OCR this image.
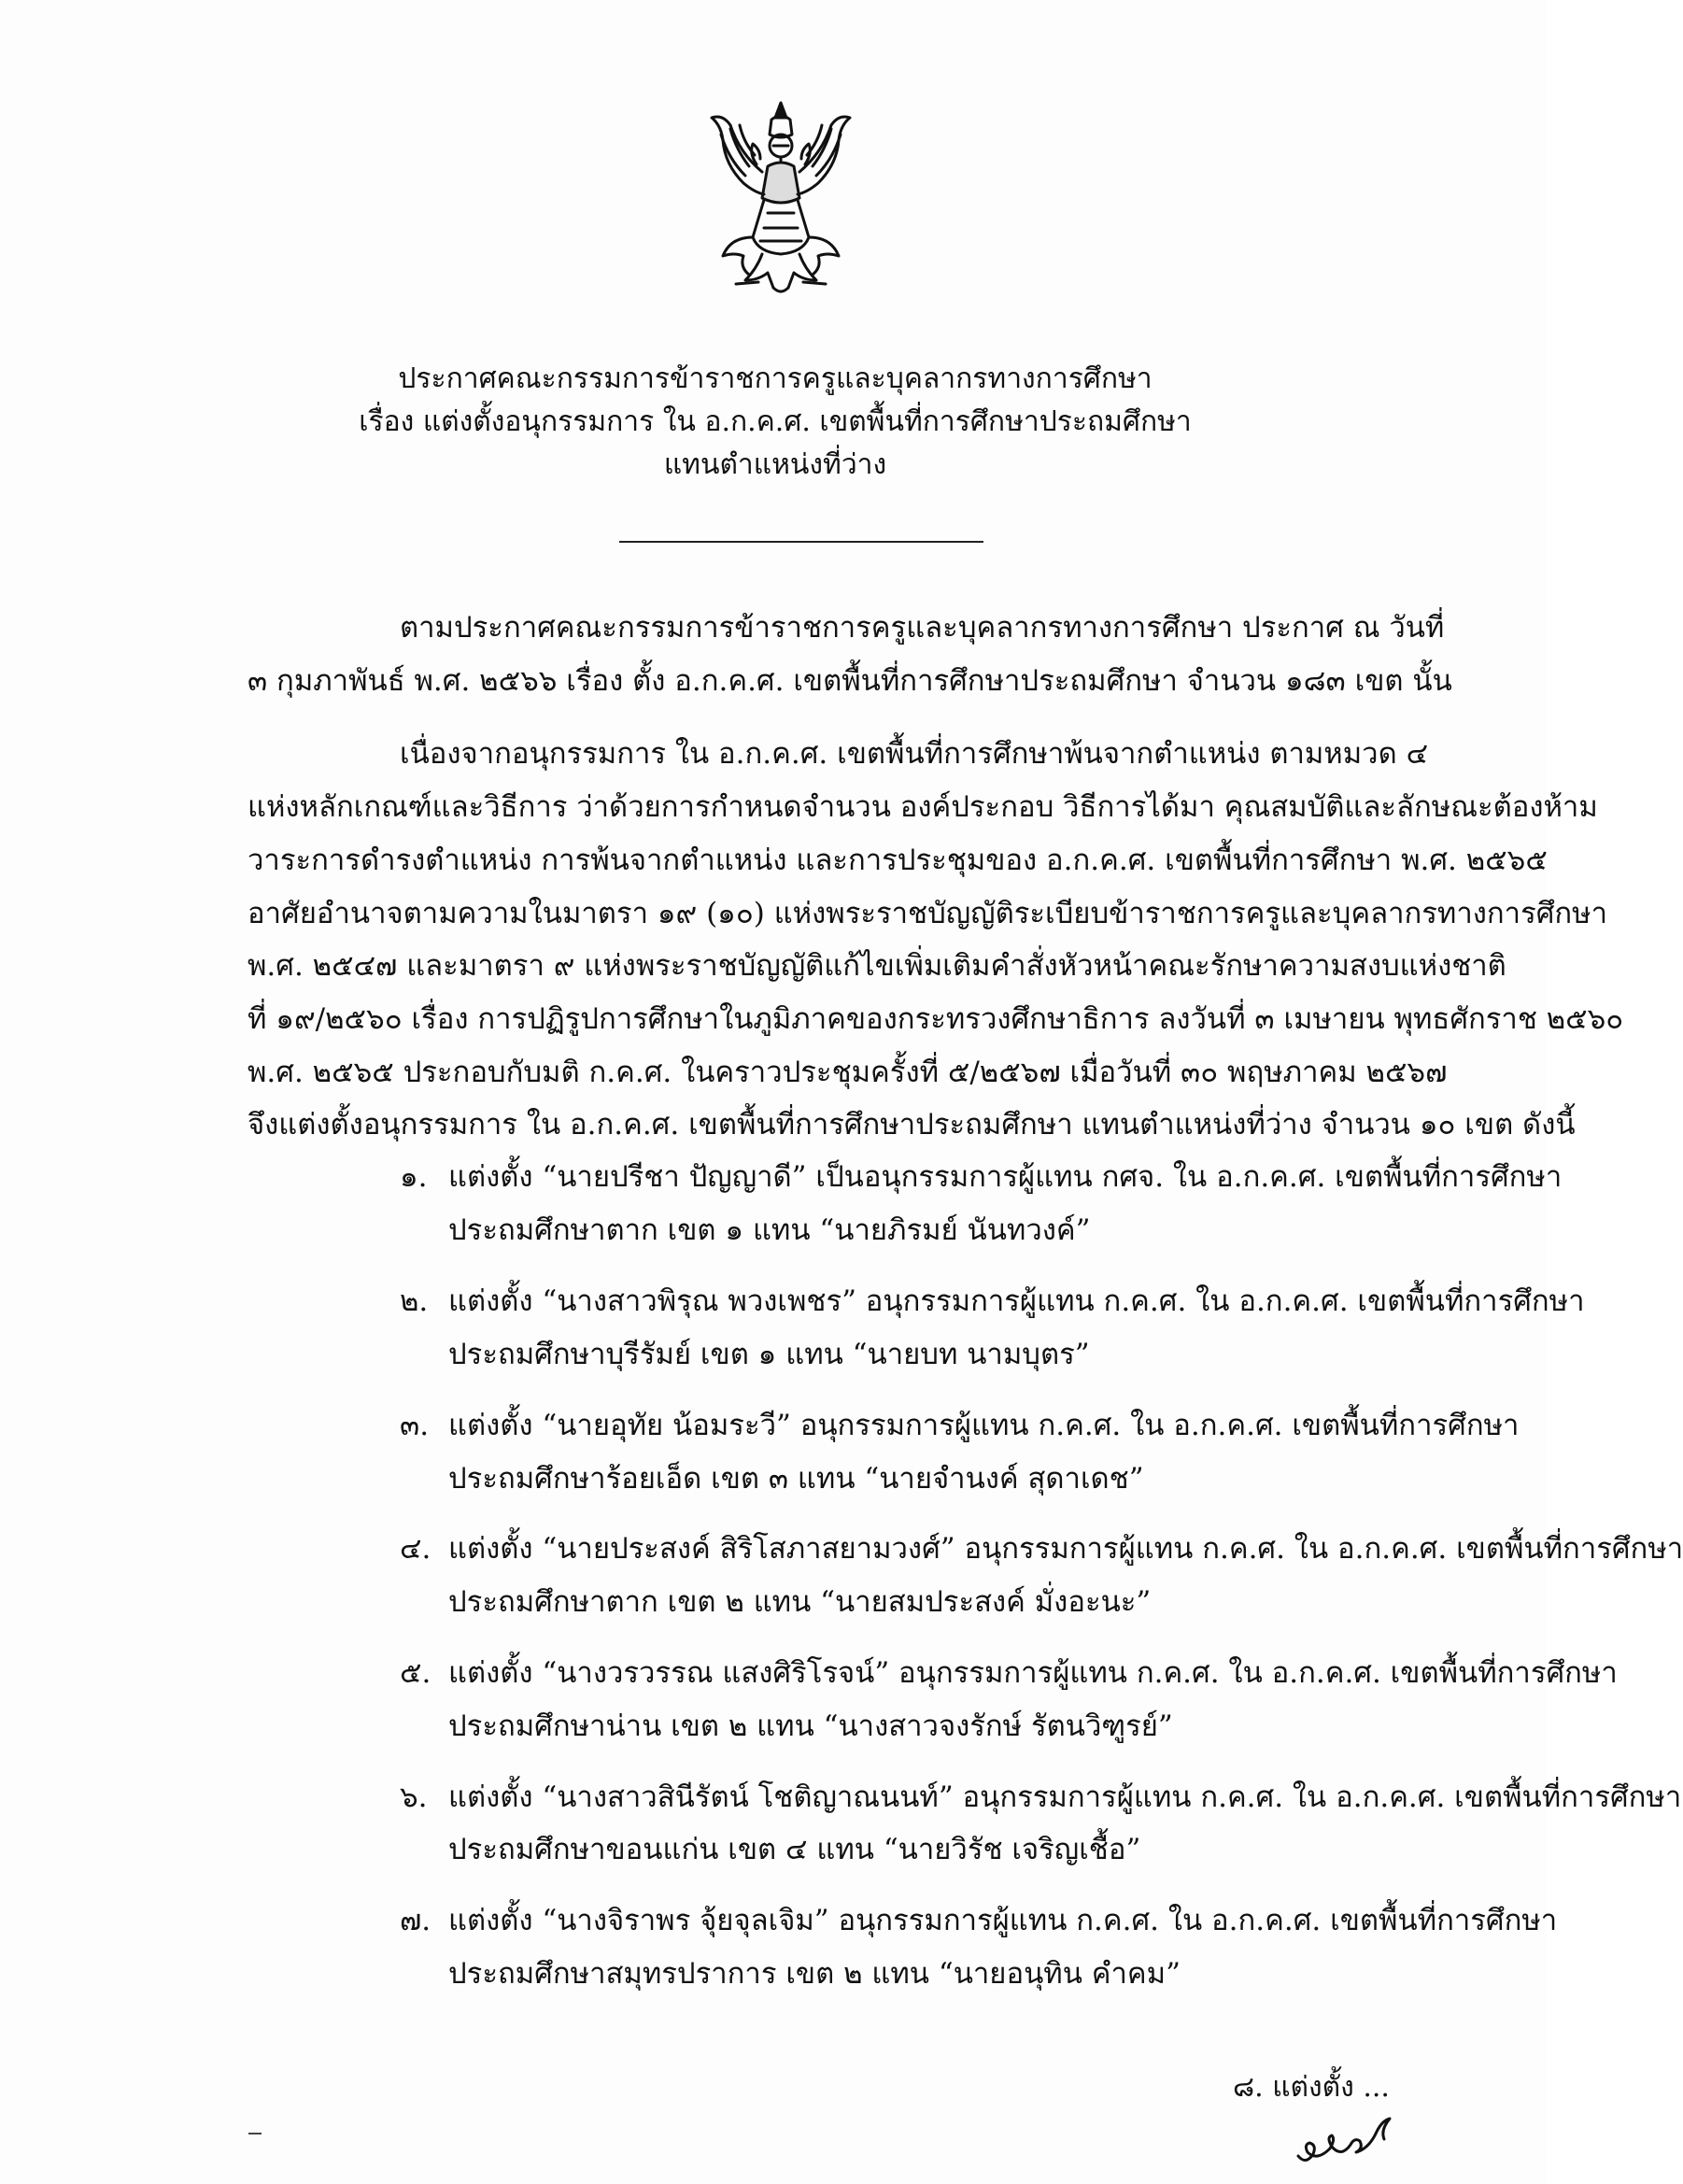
ประกาศคณะกรรมการข้าราชการครูและบุคลากรทางการศึกษา
เรื่อง แต่งตั้งอนุกรรมการ ใน อ.ก.ค.ศ. เขตพื้นที่การศึกษาประถมศึกษา
แทนตำแหน่งที่ว่าง
ตามประกาศคณะกรรมการข้าราชการครูและบุคลากรทางการศึกษา ประกาศ ณ วันที่
๓ กุมภาพันธ์ พ.ศ. ๒๕๖๖ เรื่อง ตั้ง อ.ก.ค.ศ. เขตพื้นที่การศึกษาประถมศึกษา จำนวน ๑๘๓ เขต นั้น
เนื่องจากอนุกรรมการ ใน อ.ก.ค.ศ. เขตพื้นที่การศึกษาพ้นจากตำแหน่ง ตามหมวด ๔
แห่งหลักเกณฑ์และวิธีการ ว่าด้วยการกำหนดจำนวน องค์ประกอบ วิธีการได้มา คุณสมบัติและลักษณะต้องห้าม
วาระการดำรงตำแหน่ง การพ้นจากตำแหน่ง และการประชุมของ อ.ก.ค.ศ. เขตพื้นที่การศึกษา พ.ศ. ๒๕๖๕
อาศัยอำนาจตามความในมาตรา ๑๙ (๑๐) แห่งพระราชบัญญัติระเบียบข้าราชการครูและบุคลากรทางการศึกษา
พ.ศ. ๒๕๔๗ และมาตรา ๙ แห่งพระราชบัญญัติแก้ไขเพิ่มเติมคำสั่งหัวหน้าคณะรักษาความสงบแห่งชาติ
ที่ ๑๙/๒๕๖๐ เรื่อง การปฏิรูปการศึกษาในภูมิภาคของกระทรวงศึกษาธิการ ลงวันที่ ๓ เมษายน พุทธศักราช ๒๕๖๐
พ.ศ. ๒๕๖๕ ประกอบกับมติ ก.ค.ศ. ในคราวประชุมครั้งที่ ๕/๒๕๖๗ เมื่อวันที่ ๓๐ พฤษภาคม ๒๕๖๗
จึงแต่งตั้งอนุกรรมการ ใน อ.ก.ค.ศ. เขตพื้นที่การศึกษาประถมศึกษา แทนตำแหน่งที่ว่าง จำนวน ๑๐ เขต ดังนี้
๑. แต่งตั้ง “นายปรีชา ปัญญาดี” เป็นอนุกรรมการผู้แทน กศจ. ใน อ.ก.ค.ศ. เขตพื้นที่การศึกษา
ประถมศึกษาตาก เขต ๑ แทน “นายภิรมย์ นันทวงค์”
๒. แต่งตั้ง “นางสาวพิรุณ พวงเพชร” อนุกรรมการผู้แทน ก.ค.ศ. ใน อ.ก.ค.ศ. เขตพื้นที่การศึกษา
ประถมศึกษาบุรีรัมย์ เขต ๑ แทน “นายบท นามบุตร”
๓. แต่งตั้ง “นายอุทัย น้อมระวี” อนุกรรมการผู้แทน ก.ค.ศ. ใน อ.ก.ค.ศ. เขตพื้นที่การศึกษา
ประถมศึกษาร้อยเอ็ด เขต ๓ แทน “นายจำนงค์ สุดาเดช”
๔. แต่งตั้ง “นายประสงค์ สิริโสภาสยามวงศ์” อนุกรรมการผู้แทน ก.ค.ศ. ใน อ.ก.ค.ศ. เขตพื้นที่การศึกษา
ประถมศึกษาตาก เขต ๒ แทน “นายสมประสงค์ มั่งอะนะ”
๕. แต่งตั้ง “นางวรวรรณ แสงศิริโรจน์” อนุกรรมการผู้แทน ก.ค.ศ. ใน อ.ก.ค.ศ. เขตพื้นที่การศึกษา
ประถมศึกษาน่าน เขต ๒ แทน “นางสาวจงรักษ์ รัตนวิฑูรย์”
๖. แต่งตั้ง “นางสาวสินีรัตน์ โชติญาณนนท์” อนุกรรมการผู้แทน ก.ค.ศ. ใน อ.ก.ค.ศ. เขตพื้นที่การศึกษา
ประถมศึกษาขอนแก่น เขต ๔ แทน “นายวิรัช เจริญเชื้อ”
๗. แต่งตั้ง “นางจิราพร จุ้ยจุลเจิม” อนุกรรมการผู้แทน ก.ค.ศ. ใน อ.ก.ค.ศ. เขตพื้นที่การศึกษา
ประถมศึกษาสมุทรปราการ เขต ๒ แทน “นายอนุทิน คำคม”
๘. แต่งตั้ง ...
